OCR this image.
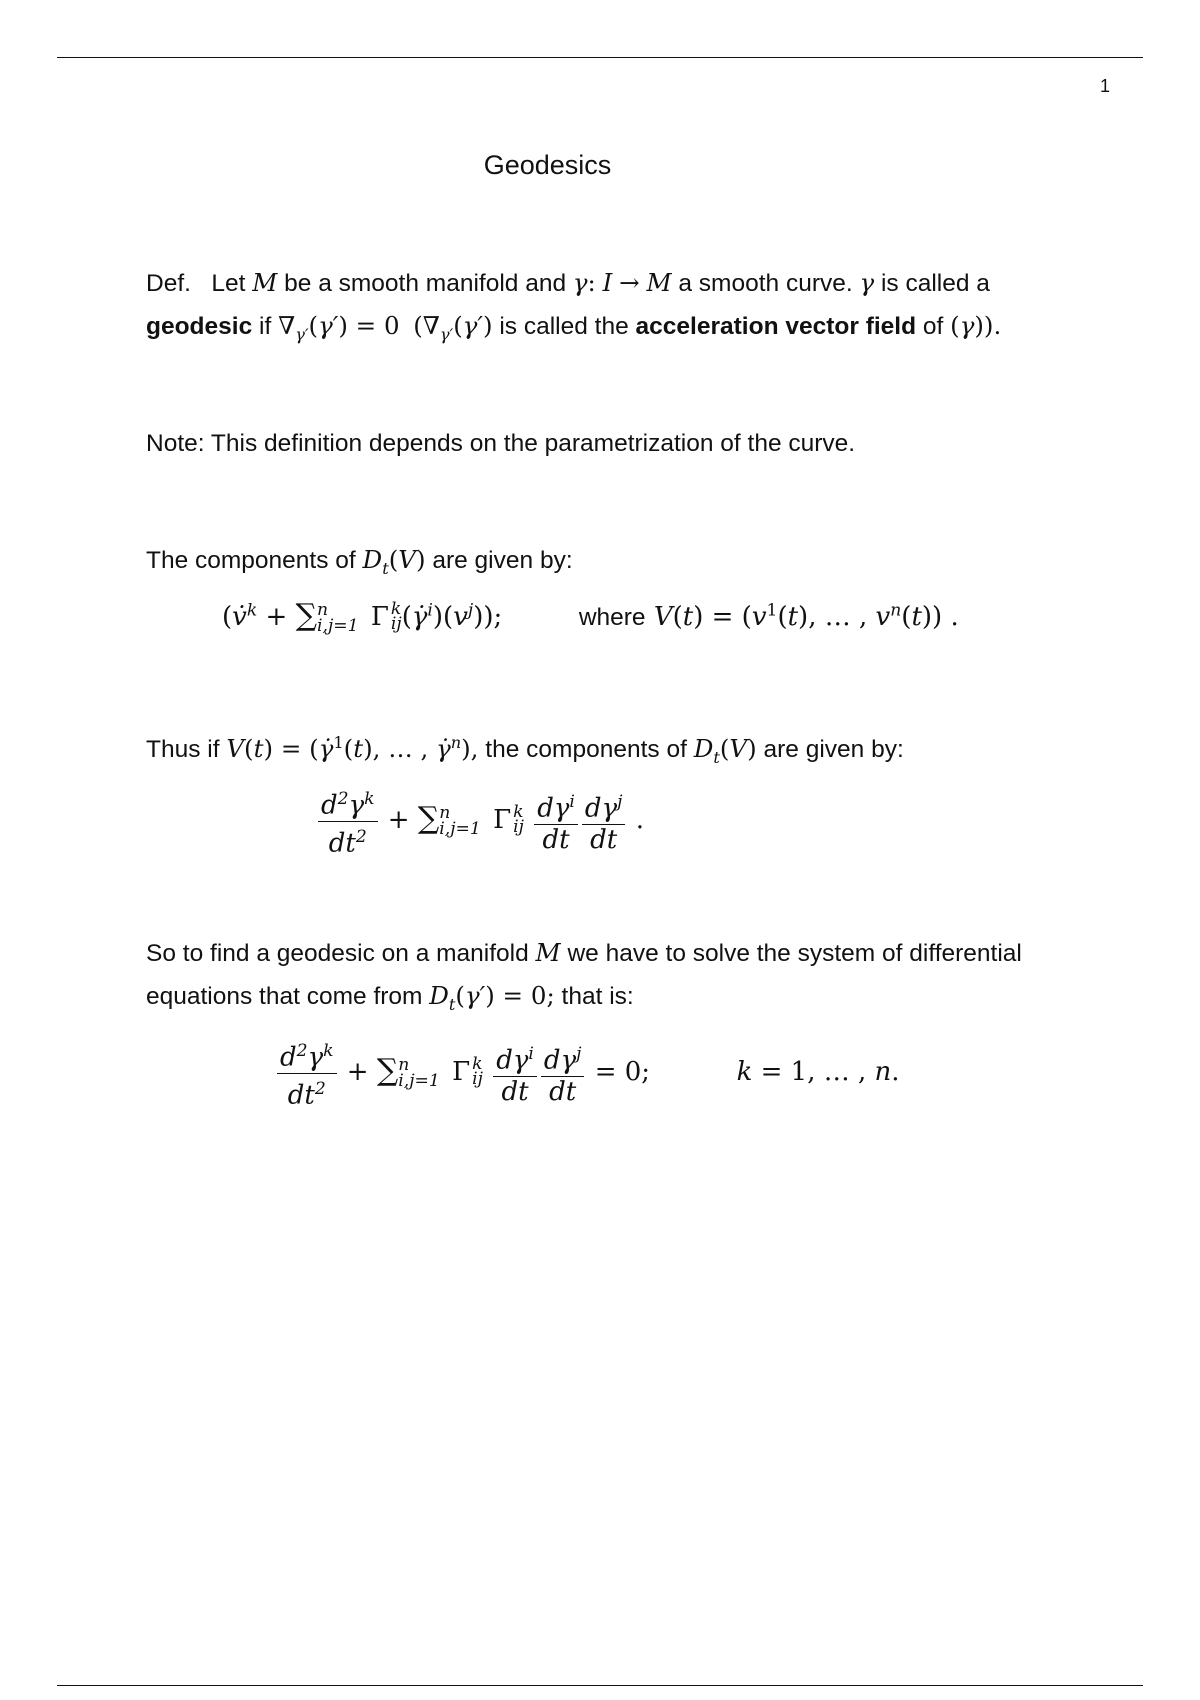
1
Geodesics
Def. Let M be a smooth manifold and γ: I → M a smooth curve. γ is called a
geodesic if $\nabla_{\gamma'}(\gamma') = 0$ ($\nabla_{\gamma'}(\gamma')$ is called the acceleration vector field of (γ)).
Note: This definition depends on the parametrization of the curve.
The components of $D_t(V)$ are given by:
(v̇$^k$ + ∑ n
i,j=1 Γ k
ij $(\gammȧ^i)(v^j)$);	where $V(t) = (v^1(t)$, … , $v^n(t)$) .
Thus if V(t) = (γ̇$^1$(t), … , γ̇$^n$), the components of $D_t(V)$ are given by:
$\frac{d^2\gamma^k}{dt^2}$ + ∑ n
i,j=1 Γ k
ij
$\frac{d\gamma^i}{dt} \frac{d\gamma^j}{dt}$ .
So to find a geodesic on a manifold M we have to solve the system of differential
equations that come from $D_t(\gamma') = 0$; that is:
$\frac{d^2\gamma^k}{dt^2}$ + ∑ n
i,j=1 Γ k
ij
$\frac{d\gamma^i}{dt} \frac{d\gamma^j}{dt} = 0$;	k = 1, … , n.
